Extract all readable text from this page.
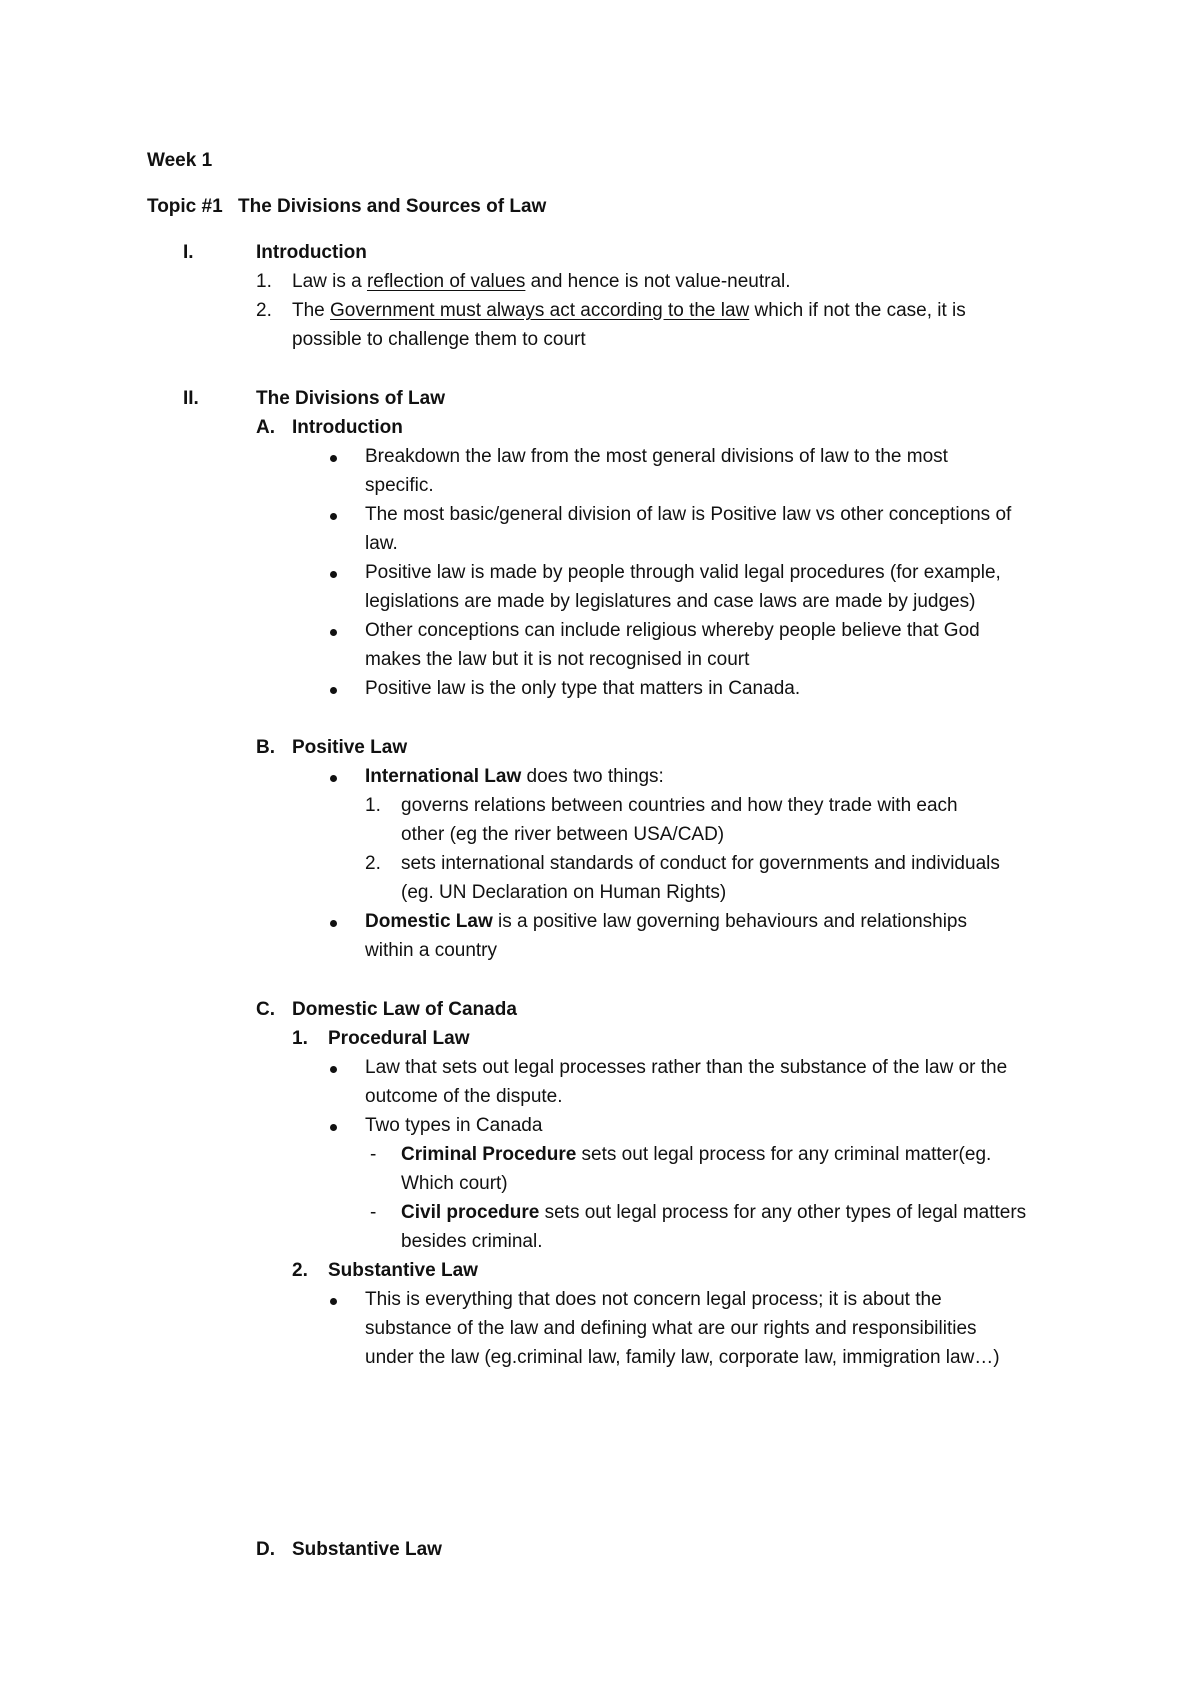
Week 1
Topic #1 The Divisions and Sources of Law
I.	Introduction
1. Law is a reflection of values and hence is not value-neutral.
2. The Government must always act according to the law which if not the case, it is
possible to challenge them to court
II.	The Divisions of Law
A. Introduction
Breakdown the law from the most general divisions of law to the most
specific.
The most basic/general division of law is Positive law vs other conceptions of
law.
Positive law is made by people through valid legal procedures (for example,
legislations are made by legislatures and case laws are made by judges)
Other conceptions can include religious whereby people believe that God
makes the law but it is not recognised in court
Positive law is the only type that matters in Canada.
B. Positive Law
International Law does two things:
1. governs relations between countries and how they trade with each
other (eg the river between USA/CAD)
2. sets international standards of conduct for governments and individuals
(eg. UN Declaration on Human Rights)
Domestic Law is a positive law governing behaviours and relationships
within a country
C. Domestic Law of Canada
1. Procedural Law
Law that sets out legal processes rather than the substance of the law or the
outcome of the dispute.
Two types in Canada
- Criminal Procedure sets out legal process for any criminal matter(eg.
Which court)
- Civil procedure sets out legal process for any other types of legal matters
besides criminal.
2. Substantive Law
This is everything that does not concern legal process; it is about the
substance of the law and defining what are our rights and responsibilities
under the law (eg.criminal law, family law, corporate law, immigration law…)
D. Substantive Law
